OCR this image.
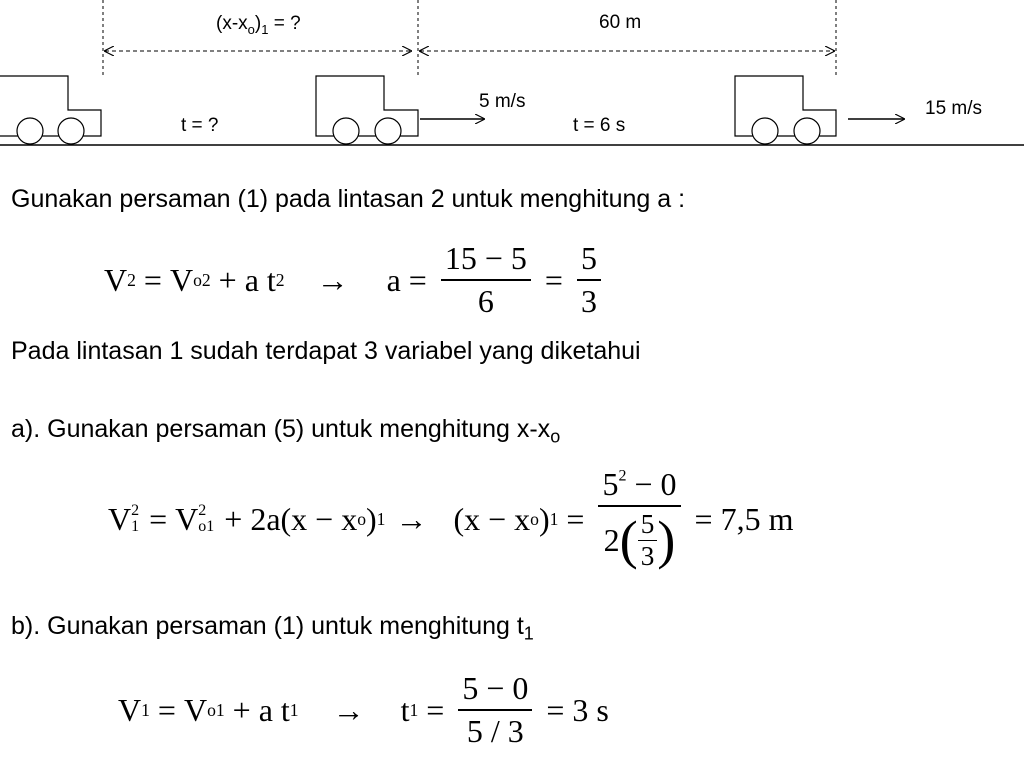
$(x-x_o)_1$ = ?	60 m
5 m/s	15 m/s
t = ?	t = 6 s
Gunakan persaman (1) pada lintasan 2 untuk menghitung a :
V 2 = V o2 + a t $2 \to a = \frac{15 - 5}{6} = \frac{5}{3}$
Pada lintasan 1 sudah terdapat 3 variabel yang diketahui
a). Gunakan persaman (5) untuk menghitung $x-x_o$
V 2
1 = V 2
o1 + 2a(x − x o ) 1 → (x − x o ) $1 = 5^2 - 0$
2 ( 5
3 ) = 7,5 m
b). Gunakan persaman (1) untuk menghitung $t_1$
V 1 = V o1 + a t 1 → t $1 = \frac{5 - 0}{5 / 3} = 3$ s
